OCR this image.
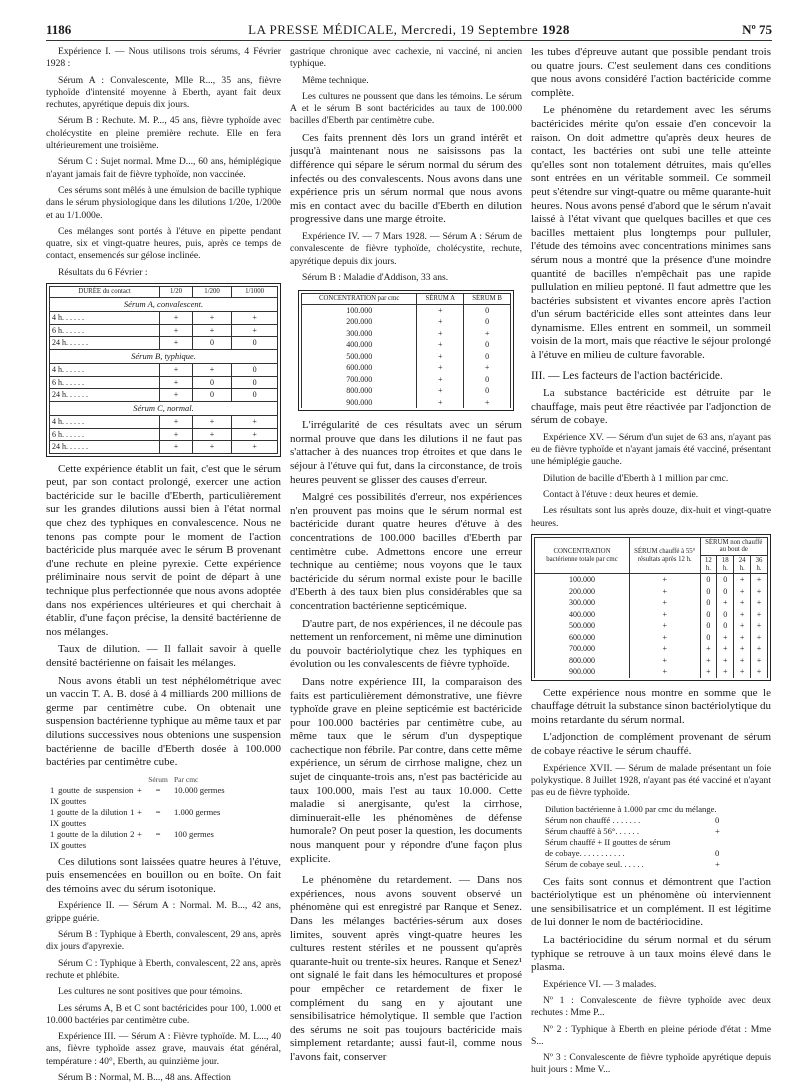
1186	LA PRESSE MÉDICALE, Mercredi, 19 Septembre 1928	Nº 75

Expérience I. — Nous utilisons trois sérums, 4 Février 1928 :

Sérum A : Convalescente, Mlle R..., 35 ans, fièvre typhoïde d'intensité moyenne à Eberth, ayant fait deux rechutes, apyrétique depuis dix jours.

Sérum B : Rechute. M. P..., 45 ans, fièvre typhoïde avec cholécystite en pleine première rechute. Elle en fera ultérieurement une troisième.

Sérum C : Sujet normal. Mme D..., 60 ans, hémiplégique n'ayant jamais fait de fièvre typhoïde, non vaccinée.

Ces sérums sont mêlés à une émulsion de bacille typhique dans le sérum physiologique dans les dilutions 1/20e, 1/200e et au 1/1.000e.

Ces mélanges sont portés à l'étuve en pipette pendant quatre, six et vingt-quatre heures, puis, après ce temps de contact, ensemencés sur gélose inclinée.

Résultats du 6 Février :

DURÉE du contact	1/20	1/200	1/1000
Sérum A, convalescent.			
4 h. . . . . .	+	+	+
6 h. . . . . .	+	+	+
24 h. . . . . .	+	0	0
Sérum B, typhique.			
4 h. . . . . .	+	+	0
6 h. . . . . .	+	0	0
24 h. . . . . .	+	0	0
Sérum C, normal.			
4 h. . . . . .	+	+	+
6 h. . . . . .	+	+	+
24 h. . . . . .	+	+	+

Cette expérience établit un fait, c'est que le sérum peut, par son contact prolongé, exercer une action bactéricide sur le bacille d'Eberth, particulièrement sur les grandes dilutions aussi bien à l'état normal que chez des typhiques en convalescence. Nous ne tenons pas compte pour le moment de l'action bactéricide plus marquée avec le sérum B provenant d'une rechute en pleine pyrexie. Cette expérience préliminaire nous servit de point de départ à une technique plus perfectionnée que nous avons adoptée dans nos expériences ultérieures et qui cherchait à établir, d'une façon précise, la densité bactérienne de nos mélanges.

Taux de dilution. — Il fallait savoir à quelle densité bactérienne on faisait les mélanges.

Nous avons établi un test néphélométrique avec un vaccin T. A. B. dosé à 4 milliards 200 millions de germe par centimètre cube. On obtenait une suspension bactérienne typhique au même taux et par dilutions successives nous obtenions une suspension bactérienne de bacille d'Eberth dosée à 100.000 bactéries par centimètre cube.

Sérum Par cmc
1 goutte de suspension + IX gouttes
=	10.000 germes
1 goutte de la dilution 1 + IX gouttes
=	1.000 germes
1 goutte de la dilution 2 + IX gouttes
=	100 germes

Ces dilutions sont laissées quatre heures à l'étuve, puis ensemencées en bouillon ou en boîte. On fait des témoins avec du sérum isotonique.

Expérience II. — Sérum A : Normal. M. B..., 42 ans, grippe guérie.

Sérum B : Typhique à Eberth, convalescent, 29 ans, après dix jours d'apyrexie.

Sérum C : Typhique à Eberth, convalescent, 22 ans, après rechute et phlébite.

Les cultures ne sont positives que pour témoins.

Les sérums A, B et C sont bactéricides pour 100, 1.000 et 10.000 bactéries par centimètre cube.

Expérience III. — Sérum A : Fièvre typhoïde. M. L..., 40 ans, fièvre typhoïde assez grave, mauvais état général, température : 40°, Eberth, au quinzième jour.

Sérum B : Normal, M. B..., 48 ans. Affection

gastrique chronique avec cachexie, ni vacciné, ni ancien typhique.

Même technique.

Les cultures ne poussent que dans les témoins. Le sérum A et le sérum B sont bactéricides au taux de 100.000 bacilles d'Eberth par centimètre cube.

Ces faits prennent dès lors un grand intérêt et jusqu'à maintenant nous ne saisissons pas la différence qui sépare le sérum normal du sérum des infectés ou des convalescents. Nous avons dans une expérience pris un sérum normal que nous avons mis en contact avec du bacille d'Eberth en dilution progressive dans une marge étroite.

Expérience IV. — 7 Mars 1928. — Sérum A : Sérum de convalescente de fièvre typhoïde, cholécystite, rechute, apyrétique depuis dix jours.

Sérum B : Maladie d'Addison, 33 ans.

CONCENTRATION par cmc	SÉRUM A	SÉRUM B
100.000	+	0
200.000	+	0
300.000	+	+
400.000	+	0
500.000	+	0
600.000	+	+
700.000	+	0
800.000	+	0
900.000	+	+

L'irrégularité de ces résultats avec un sérum normal prouve que dans les dilutions il ne faut pas s'attacher à des nuances trop étroites et que dans le séjour à l'étuve qui fut, dans la circonstance, de trois heures peuvent se glisser des causes d'erreur.

Malgré ces possibilités d'erreur, nos expériences n'en prouvent pas moins que le sérum normal est bactéricide durant quatre heures d'étuve à des concentrations de 100.000 bacilles d'Eberth par centimètre cube. Admettons encore une erreur technique au centième; nous voyons que le taux bactéricide du sérum normal existe pour le bacille d'Eberth à des taux bien plus considérables que sa concentration bactérienne septicémique.

D'autre part, de nos expériences, il ne découle pas nettement un renforcement, ni même une diminution du pouvoir bactériolytique chez les typhiques en évolution ou les convalescents de fièvre typhoïde.

Dans notre expérience III, la comparaison des faits est particulièrement démonstrative, une fièvre typhoïde grave en pleine septicémie est bactéricide pour 100.000 bactéries par centimètre cube, au même taux que le sérum d'un dyspeptique cachectique non fébrile. Par contre, dans cette même expérience, un sérum de cirrhose maligne, chez un sujet de cinquante-trois ans, n'est pas bactéricide au taux 100.000, mais l'est au taux 10.000. Cette maladie si anergisante, qu'est la cirrhose, diminuerait-elle les phénomènes de défense humorale? On peut poser la question, les documents nous manquent pour y répondre d'une façon plus explicite.

Le phénomène du retardement. — Dans nos expériences, nous avons souvent observé un phénomène qui est enregistré par Ranque et Senez. Dans les mélanges bactéries-sérum aux doses limites, souvent après vingt-quatre heures les cultures restent stériles et ne poussent qu'après quarante-huit ou trente-six heures. Ranque et Senez¹ ont signalé le fait dans les hémocultures et proposé pour empêcher ce retardement de fixer le complément du sang en y ajoutant une sensibilisatrice hémolytique. Il semble que l'action des sérums ne soit pas toujours bactéricide mais simplement retardante; aussi faut-il, comme nous l'avons fait, conserver

les tubes d'épreuve autant que possible pendant trois ou quatre jours. C'est seulement dans ces conditions que nous avons considéré l'action bactéricide comme complète.

Le phénomène du retardement avec les sérums bactéricides mérite qu'on essaie d'en concevoir la raison. On doit admettre qu'après deux heures de contact, les bactéries ont subi une telle atteinte qu'elles sont non totalement détruites, mais qu'elles sont entrées en un véritable sommeil. Ce sommeil peut s'étendre sur vingt-quatre ou même quarante-huit heures. Nous avons pensé d'abord que le sérum n'avait laissé à l'état vivant que quelques bacilles et que ces bacilles mettaient plus longtemps pour pulluler, l'étude des témoins avec concentrations minimes sans sérum nous a montré que la présence d'une moindre quantité de bacilles n'empêchait pas une rapide pullulation en milieu peptoné. Il faut admettre que les bactéries subsistent et vivantes encore après l'action d'un sérum bactéricide elles sont atteintes dans leur dynamisme. Elles entrent en sommeil, un sommeil voisin de la mort, mais que réactive le séjour prolongé à l'étuve en milieu de culture favorable.

III. — Les facteurs de l'action bactéricide.

La substance bactéricide est détruite par le chauffage, mais peut être réactivée par l'adjonction de sérum de cobaye.

Expérience XV. — Sérum d'un sujet de 63 ans, n'ayant pas eu de fièvre typhoïde et n'ayant jamais été vacciné, présentant une hémiplégie gauche.

Dilution de bacille d'Eberth à 1 million par cmc.

Contact à l'étuve : deux heures et demie.

Les résultats sont lus après douze, dix-huit et vingt-quatre heures.

CONCENTRATION bactérienne totale par cmc	SÉRUM chauffé à 55° résultats après 12 h.	SÉRUM non chauffé au bout de			
		12 h.	18 h.	24 h.	36 h.
100.000	+	0	0	+	+
200.000	+	0	0	+	+
300.000	+	0	+	+	+
400.000	+	0	0	+	+
500.000	+	0	0	+	+
600.000	+	0	+	+	+
700.000	+	+	+	+	+
800.000	+	+	+	+	+
900.000	+	+	+	+	+

Cette expérience nous montre en somme que le chauffage détruit la substance sinon bactériolytique du moins retardante du sérum normal.

L'adjonction de complément provenant de sérum de cobaye réactive le sérum chauffé.

Expérience XVII. — Sérum de malade présentant un foie polykystique. 8 Juillet 1928, n'ayant pas été vacciné et n'ayant pas eu de fièvre typhoïde.

Dilution bactérienne à 1.000 par cmc du mélange.
Sérum non chauffé . . . . . . .	0
Sérum chauffé à 56°. . . . . .	+
Sérum chauffé + II gouttes de sérum
de cobaye. . . . . . . . . . .	0
Sérum de cobaye seul. . . . . .	+

Ces faits sont connus et démontrent que l'action bactériolytique est un phénomène où interviennent une sensibilisatrice et un complément. Il est légitime de lui donner le nom de bactériocidine.

La bactériocidine du sérum normal et du sérum typhique se retrouve à un taux moins élevé dans le plasma.

Expérience VI. — 3 malades.

Nº 1 : Convalescente de fièvre typhoïde avec deux rechutes : Mme P...

Nº 2 : Typhique à Eberth en pleine période d'état : Mme S...

Nº 3 : Convalescente de fièvre typhoïde apyrétique depuis huit jours : Mme V...
